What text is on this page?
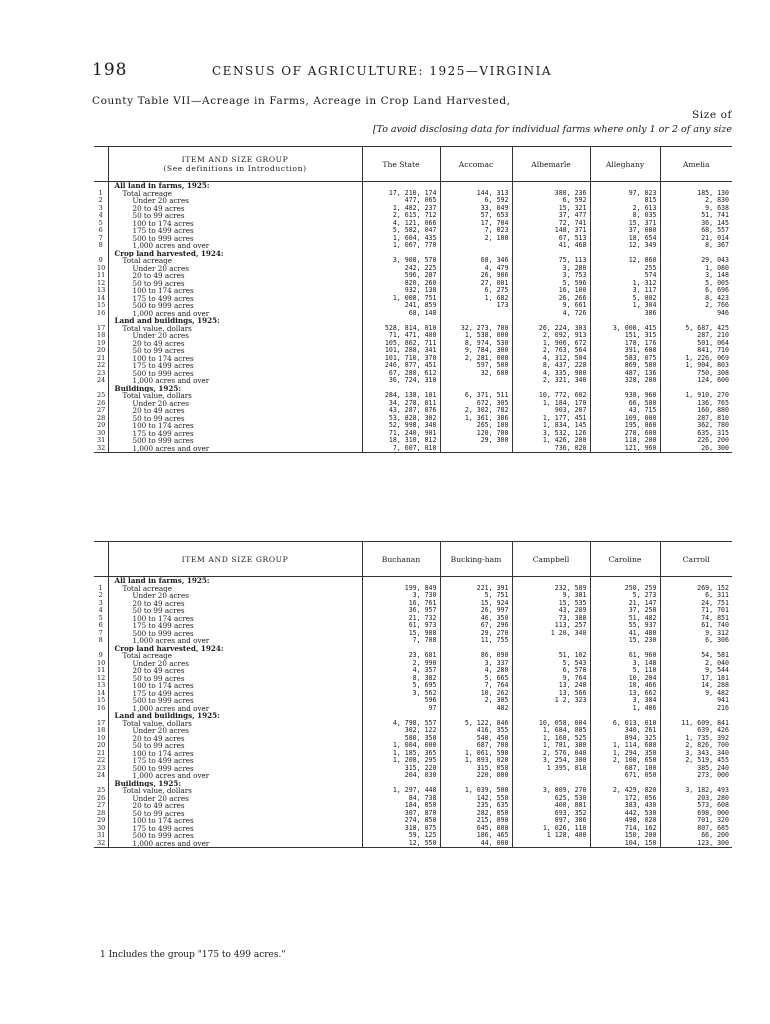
198	CENSUS OF AGRICULTURE: 1925—VIRGINIA
County Table VII—Acreage in Farms, Acreage in Crop Land Harvested,
Size of
[To avoid disclosing data for individual farms where only 1 or 2 of any size

	ITEM AND SIZE GROUP
(See definitions in Introduction)	The State	Accomac	Albemarle	Alleghany	Amelia
	All land in farms, 1925:					
1	Total acreage	17, 210, 174	144, 313	380, 236	97, 023	185, 130
2	Under 20 acres	477, 065	6, 592	6, 592	815	2, 830
3	20 to 49 acres	1, 482, 237	33, 049	15, 321	2, 613	9, 638
4	50 to 99 acres	2, 615, 712	57, 653	37, 477	8, 035	51, 741
5	100 to 174 acres	4, 121, 066	17, 704	72, 741	15, 371	36, 145
6	175 to 499 acres	5, 582, 047	7, 023	148, 371	37, 080	68, 557
7	500 to 999 acres	1, 604, 435	2, 100	67, 513	18, 654	21, 014
8	1,000 acres and over	1, 067, 770		41, 468	12, 349	8, 367
	Crop land harvested, 1924:					
9	Total acreage	3, 908, 570	68, 346	75, 113	12, 860	29, 043
10	Under 20 acres	242, 225	4, 479	3, 280	255	1, 080
11	20 to 49 acres	596, 287	26, 906	3, 753	574	3, 148
12	50 to 99 acres	820, 260	27, 001	5, 596	1, 312	5, 005
13	100 to 174 acres	932, 138	6, 275	16, 100	3, 117	6, 696
14	175 to 499 acres	1, 008, 751	1, 682	26, 266	5, 802	8, 423
15	500 to 999 acres	241, 859	173	9, 661	1, 304	2, 766
16	1,000 acres and over	68, 148		4, 726	386	946
	Land and buildings, 1925:					
17	Total value, dollars	528, 814, 010	32, 273, 700	26, 224, 303	3, 000, 415	5, 687, 425
18	Under 20 acres	71, 471, 400	1, 538, 000	2, 092, 913	151, 315	287, 210
19	20 to 49 acres	105, 862, 711	8, 974, 530	1, 906, 672	178, 176	501, 064
20	50 to 99 acres	101, 288, 341	9, 784, 300	2, 763, 564	391, 608	841, 710
21	100 to 174 acres	101, 710, 370	2, 281, 000	4, 312, 504	583, 075	1, 226, 069
22	175 to 499 acres	246, 877, 451	597, 500	8, 437, 228	869, 580	1, 904, 803
23	500 to 999 acres	67, 280, 612	32, 600	4, 335, 900	487, 136	750, 308
24	1,000 acres and over	36, 724, 310		2, 321, 340	328, 200	124, 600
	Buildings, 1925:					
25	Total value, dollars	284, 138, 101	6, 371, 511	10, 772, 602	938, 960	1, 910, 270
26	Under 20 acres	34, 278, 011	672, 305	1, 184, 170	66, 500	136, 765
27	20 to 49 acres	43, 287, 876	2, 302, 782	903, 207	43, 715	160, 880
28	50 to 99 acres	53, 828, 302	1, 361, 386	1, 177, 451	109, 000	287, 810
29	100 to 174 acres	52, 998, 348	265, 100	1, 834, 145	195, 860	362, 780
30	175 to 499 acres	71, 240, 901	120, 700	3, 532, 126	278, 600	635, 315
31	500 to 999 acres	18, 310, 812	29, 300	1, 426, 200	118, 200	226, 200
32	1,000 acres and over	7, 607, 010		736, 020	121, 960	26, 300
	ITEM AND SIZE GROUP	Buchanan	Bucking-ham	Campbell	Caroline	Carroll
	All land in farms, 1925:					
1	Total acreage	199, 849	221, 391	232, 589	250, 259	269, 152
2	Under 20 acres	3, 730	5, 751	9, 381	5, 273	6, 311
3	20 to 49 acres	16, 761	15, 924	15, 535	21, 147	24, 751
4	50 to 99 acres	36, 957	26, 997	43, 289	37, 258	71, 701
5	100 to 174 acres	21, 732	46, 350	73, 388	51, 482	74, 851
6	175 to 499 acres	61, 973	67, 296	113, 257	55, 937	61, 740
7	500 to 999 acres	15, 988	29, 270	1 20, 340	41, 480	9, 312
8	1,000 acres and over	7, 708	11, 755		15, 230	6, 306
	Crop land harvested, 1924:					
9	Total acreage	23, 681	86, 090	51, 102	61, 960	54, 581
10	Under 20 acres	2, 990	3, 337	5, 543	3, 148	2, 040
11	20 to 49 acres	4, 357	4, 280	6, 578	5, 110	9, 544
12	50 to 99 acres	8, 382	5, 665	9, 764	10, 204	17, 181
13	100 to 174 acres	5, 695	7, 764	13, 248	10, 466	14, 288
14	175 to 499 acres	3, 562	10, 262	13, 566	13, 662	9, 482
15	500 to 999 acres	596	2, 305	1 2, 323	3, 384	941
16	1,000 acres and over	97	482		1, 406	216
	Land and buildings, 1925:					
17	Total value, dollars	4, 798, 557	5, 122, 846	10, 058, 004	6, 013, 010	11, 609, 841
18	Under 20 acres	302, 122	416, 355	1, 684, 805	340, 261	639, 426
19	20 to 49 acres	580, 350	540, 450	1, 160, 525	894, 325	1, 735, 392
20	50 to 99 acres	1, 004, 000	687, 700	1, 781, 380	1, 114, 680	2, 826, 700
21	100 to 174 acres	1, 185, 365	1, 061, 590	2, 576, 040	1, 294, 350	3, 343, 340
22	175 to 499 acres	1, 208, 295	1, 893, 020	3, 254, 300	2, 100, 650	2, 519, 455
23	500 to 999 acres	315, 220	315, 050	1 395, 810	687, 100	385, 240
24	1,000 acres and over	204, 030	220, 000		671, 050	273, 000
	Buildings, 1925:					
25	Total value, dollars	1, 297, 448	1, 039, 500	3, 809, 270	2, 429, 820	3, 182, 493
26	Under 20 acres	84, 738	142, 550	625, 530	172, 056	203, 280
27	20 to 49 acres	184, 050	235, 635	400, 881	383, 430	573, 608
28	50 to 99 acres	307, 870	282, 050	693, 352	442, 530	698, 000
29	100 to 174 acres	274, 850	215, 890	897, 386	498, 020	701, 320
30	175 to 499 acres	318, 075	645, 000	1, 026, 110	714, 162	807, 685
31	500 to 999 acres	59, 125	186, 465	1 128, 400	150, 200	66, 200
32	1,000 acres and over	12, 550	44, 000		104, 150	123, 300
1 Includes the group "175 to 499 acres."
